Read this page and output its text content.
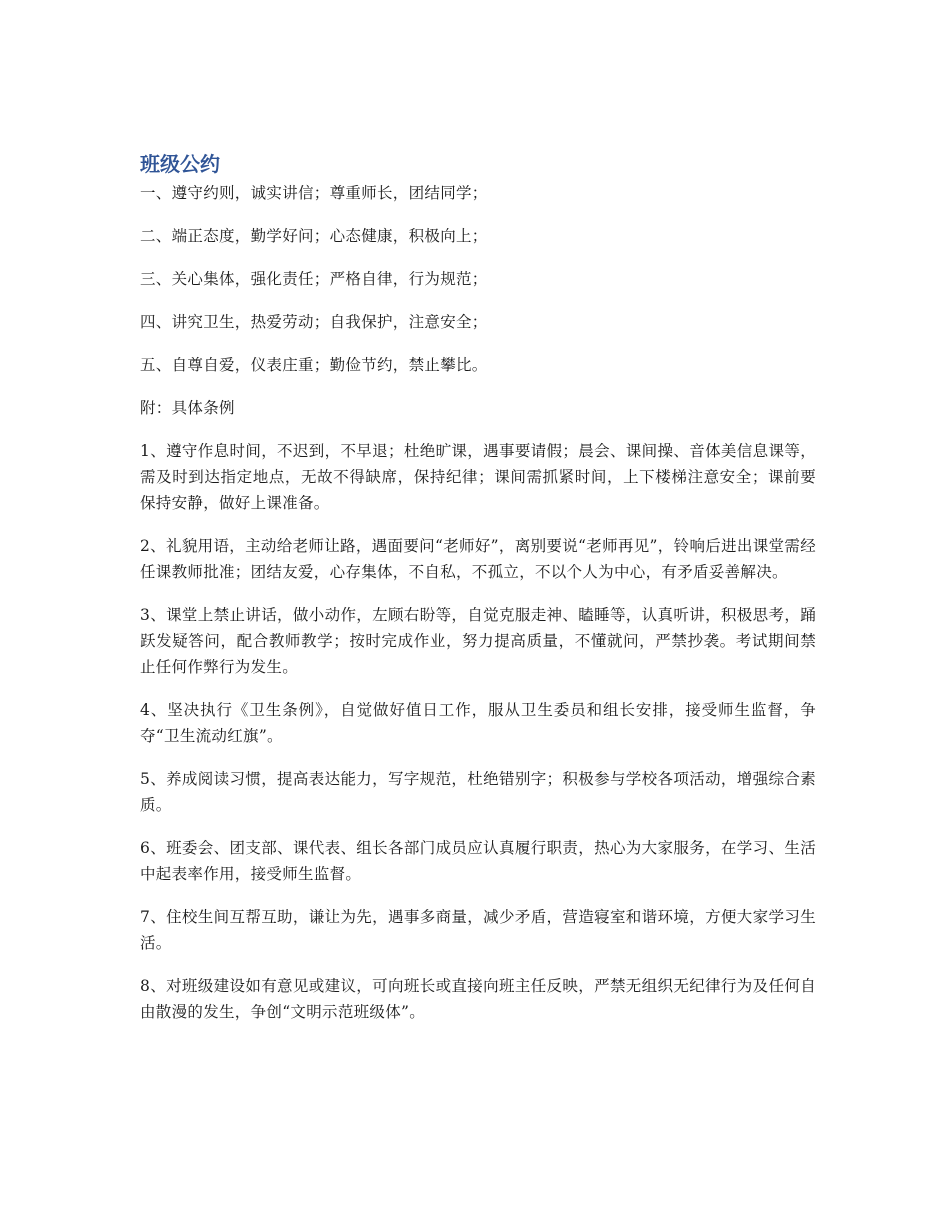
班级公约

一、遵守约则，诚实讲信；尊重师长，团结同学；

二、端正态度，勤学好问；心态健康，积极向上；

三、关心集体，强化责任；严格自律，行为规范；

四、讲究卫生，热爱劳动；自我保护，注意安全；

五、自尊自爱，仪表庄重；勤俭节约，禁止攀比。

附：具体条例

1、遵守作息时间，不迟到，不早退；杜绝旷课，遇事要请假；晨会、课间操、音体美信息课等，需及时到达指定地点，无故不得缺席，保持纪律；课间需抓紧时间，上下楼梯注意安全；课前要保持安静，做好上课准备。

2、礼貌用语，主动给老师让路，遇面要问“老师好”，离别要说“老师再见”，铃响后进出课堂需经任课教师批准；团结友爱，心存集体，不自私，不孤立，不以个人为中心，有矛盾妥善解决。

3、课堂上禁止讲话，做小动作，左顾右盼等，自觉克服走神、瞌睡等，认真听讲，积极思考，踊跃发疑答问，配合教师教学；按时完成作业，努力提高质量，不懂就问，严禁抄袭。考试期间禁止任何作弊行为发生。

4、坚决执行《卫生条例》，自觉做好值日工作，服从卫生委员和组长安排，接受师生监督，争夺“卫生流动红旗”。

5、养成阅读习惯，提高表达能力，写字规范，杜绝错别字；积极参与学校各项活动，增强综合素质。

6、班委会、团支部、课代表、组长各部门成员应认真履行职责，热心为大家服务，在学习、生活中起表率作用，接受师生监督。

7、住校生间互帮互助，谦让为先，遇事多商量，减少矛盾，营造寝室和谐环境，方便大家学习生活。

8、对班级建设如有意见或建议，可向班长或直接向班主任反映，严禁无组织无纪律行为及任何自由散漫的发生，争创“文明示范班级体”。
